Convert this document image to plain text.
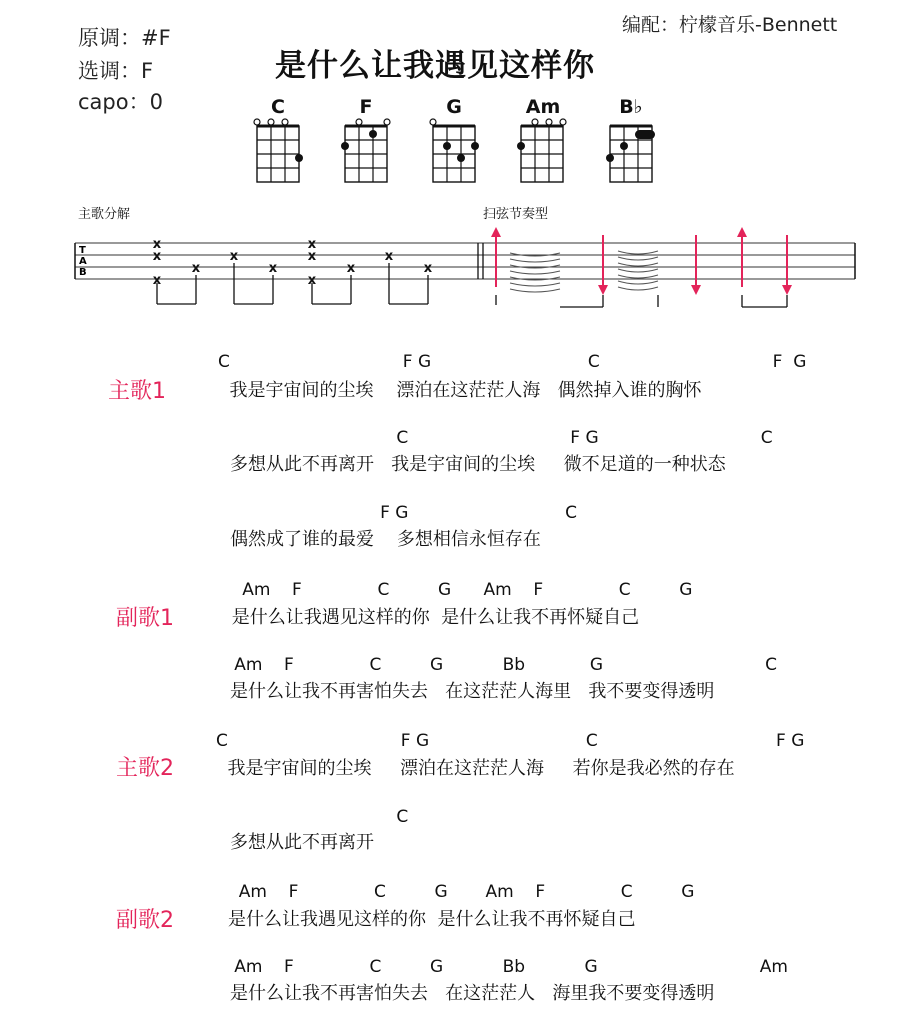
原调：#F
选调：F
capo：0
是什么让我遇见这样你
编配：柠檬音乐-Bennett
C	F	G	Am	B♭
主歌分解	扫弦节奏型
T
A
B
x
x
x
x
x
x
x
x
x
x
x
x
主歌1
C                                F G                             C                                F  G
我是宇宙间的尘埃    漂泊在这茫茫人海   偶然掉入谁的胸怀
C                              F G                              C
多想从此不再离开   我是宇宙间的尘埃     微不足道的一种状态
F G                             C
偶然成了谁的最爱    多想相信永恒存在
副歌1
Am    F              C         G      Am    F              C         G
是什么让我遇见这样的你  是什么让我不再怀疑自己
Am    F              C         G           Bb            G                              C
是什么让我不再害怕失去   在这茫茫人海里   我不要变得透明
主歌2
C                                F G                             C                                 F G
我是宇宙间的尘埃     漂泊在这茫茫人海     若你是我必然的存在
C
多想从此不再离开
副歌2
Am    F              C         G       Am    F              C         G
是什么让我遇见这样的你  是什么让我不再怀疑自己
Am    F              C         G           Bb           G                              Am
是什么让我不再害怕失去   在这茫茫人   海里我不要变得透明
